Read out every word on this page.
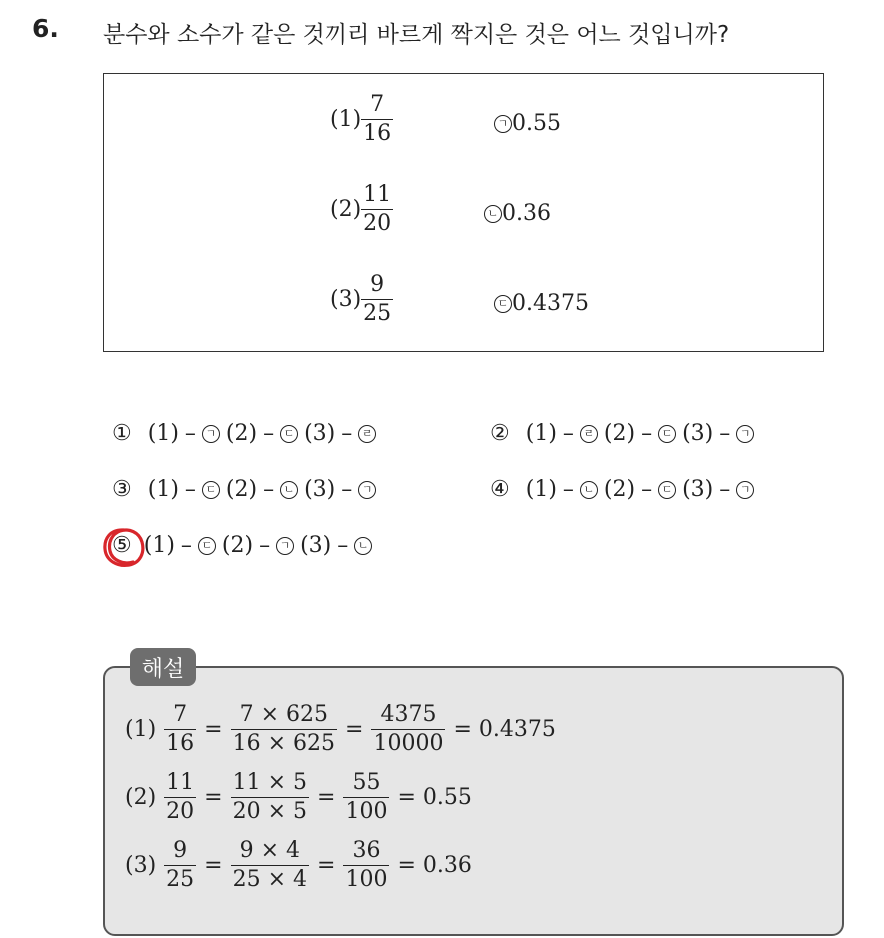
6. 분수와 소수가 같은 것끼리 바르게 짝지은 것은 어느 것입니까?
$(1) \frac{7}{16}$	ㄱ 0.55
$(2) \frac{11}{20}$	ㄴ 0.36
$(3) \frac{9}{25}$	ㄷ 0.4375
① (1) – ㄱ (2) – ㄷ (3) – ㄹ	② (1) – ㄹ (2) – ㄷ (3) – ㄱ
③ (1) – ㄷ (2) – ㄴ (3) – ㄱ	④ (1) – ㄴ (2) – ㄷ (3) – ㄱ
⑤ (1) – ㄷ (2) – ㄱ (3) – ㄴ
해설
$(1) \frac{7}{16} = \frac{7 \times 625}{16 \times 625} = \frac{4375}{10000} = 0.4375$
$(2) \frac{11}{20} = \frac{11 \times 5}{20 \times 5} = \frac{55}{100} = 0.55$
$(3) \frac{9}{25} = \frac{9 \times 4}{25 \times 4} = \frac{36}{100} = 0.36$
